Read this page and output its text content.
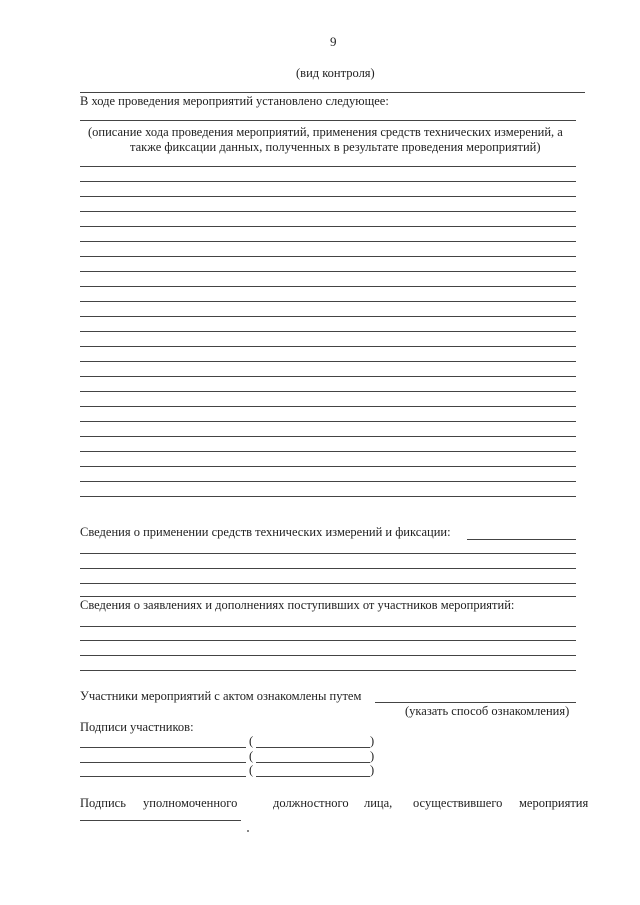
9
(вид контроля)
В ходе проведения мероприятий установлено следующее:
(описание хода проведения мероприятий, применения средств технических измерений, а
также фиксации данных, полученных в результате проведения мероприятий)
Сведения о применении средств технических измерений и фиксации:
Сведения о заявлениях и дополнениях поступивших от участников мероприятий:
Участники мероприятий с актом ознакомлены путем
(указать способ ознакомления)
Подписи участников:
(	)
(	)
(	)
Подпись уполномоченного	должностного лица, осуществившего мероприятия
